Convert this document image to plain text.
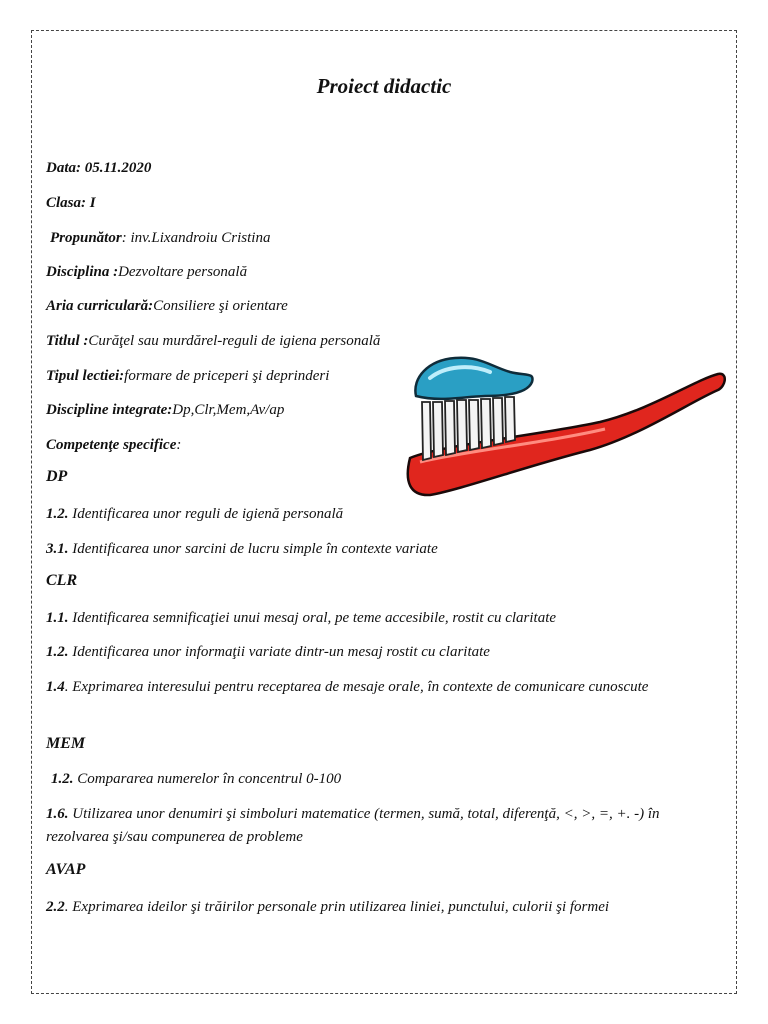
Proiect didactic
Data: 05.11.2020
Clasa: I
Propunător: inv.Lixandroiu Cristina
Disciplina :Dezvoltare personală
Aria curriculară:Consiliere şi orientare
Titlul :Curăţel sau murdărel-reguli de igiena personală
Tipul lectiei:formare de priceperi şi deprinderi
Discipline integrate:Dp,Clr,Mem,Av/ap
Competenţe specifice:
DP
1.2. Identificarea unor reguli de igienă personală
3.1. Identificarea unor sarcini de lucru simple în contexte variate
CLR
1.1. Identificarea semnificaţiei unui mesaj oral, pe teme accesibile, rostit cu claritate
1.2. Identificarea unor informaţii variate dintr-un mesaj rostit cu claritate
1.4. Exprimarea interesului pentru receptarea de mesaje orale, în contexte de comunicare cunoscute
MEM
1.2. Compararea numerelor în concentrul 0-100
1.6. Utilizarea unor denumiri şi simboluri matematice (termen, sumă, total, diferenţă, <, >, =, +. -) în rezolvarea şi/sau compunerea de probleme
AVAP
2.2. Exprimarea ideilor şi trăirilor personale prin utilizarea liniei, punctului, culorii şi formei
